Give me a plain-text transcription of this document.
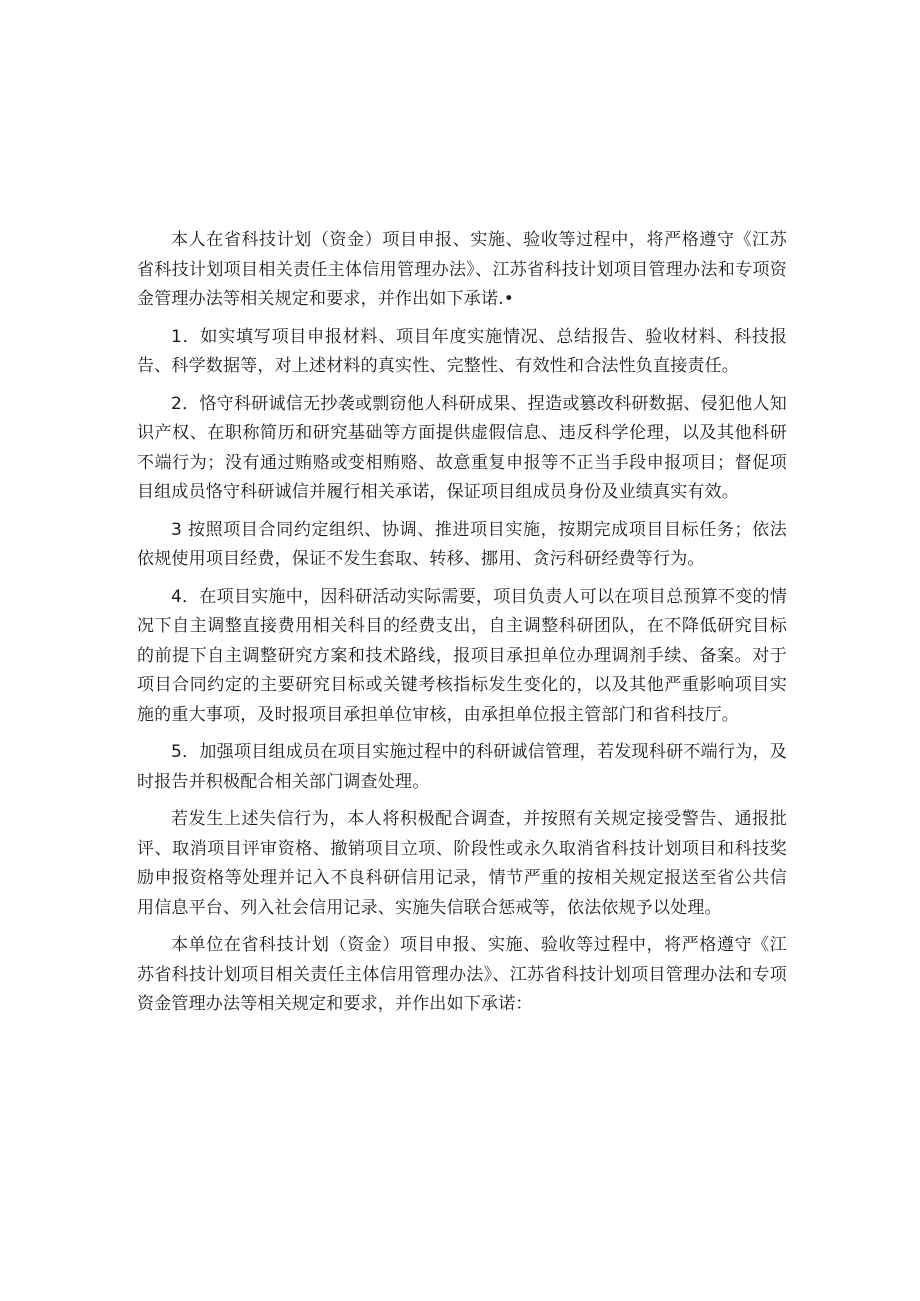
本人在省科技计划（资金）项目申报、实施、验收等过程中，将严格遵守《江苏省科技计划项目相关责任主体信用管理办法》、江苏省科技计划项目管理办法和专项资金管理办法等相关规定和要求，并作出如下承诺.•

1．如实填写项目申报材料、项目年度实施情况、总结报告、验收材料、科技报告、科学数据等，对上述材料的真实性、完整性、有效性和合法性负直接责任。

2．恪守科研诚信无抄袭或剽窃他人科研成果、捏造或篡改科研数据、侵犯他人知识产权、在职称简历和研究基础等方面提供虚假信息、违反科学伦理，以及其他科研不端行为；没有通过贿赂或变相贿赂、故意重复申报等不正当手段申报项目；督促项目组成员恪守科研诚信并履行相关承诺，保证项目组成员身份及业绩真实有效。

3 按照项目合同约定组织、协调、推进项目实施，按期完成项目目标任务；依法依规使用项目经费，保证不发生套取、转移、挪用、贪污科研经费等行为。

4．在项目实施中，因科研活动实际需要，项目负责人可以在项目总预算不变的情况下自主调整直接费用相关科目的经费支出，自主调整科研团队，在不降低研究目标的前提下自主调整研究方案和技术路线，报项目承担单位办理调剂手续、备案。对于项目合同约定的主要研究目标或关键考核指标发生变化的，以及其他严重影响项目实施的重大事项，及时报项目承担单位审核，由承担单位报主管部门和省科技厅。

5．加强项目组成员在项目实施过程中的科研诚信管理，若发现科研不端行为，及时报告并积极配合相关部门调查处理。

若发生上述失信行为，本人将积极配合调查，并按照有关规定接受警告、通报批评、取消项目评审资格、撤销项目立项、阶段性或永久取消省科技计划项目和科技奖励申报资格等处理并记入不良科研信用记录，情节严重的按相关规定报送至省公共信用信息平台、列入社会信用记录、实施失信联合惩戒等，依法依规予以处理。

本单位在省科技计划（资金）项目申报、实施、验收等过程中，将严格遵守《江苏省科技计划项目相关责任主体信用管理办法》、江苏省科技计划项目管理办法和专项资金管理办法等相关规定和要求，并作出如下承诺：
